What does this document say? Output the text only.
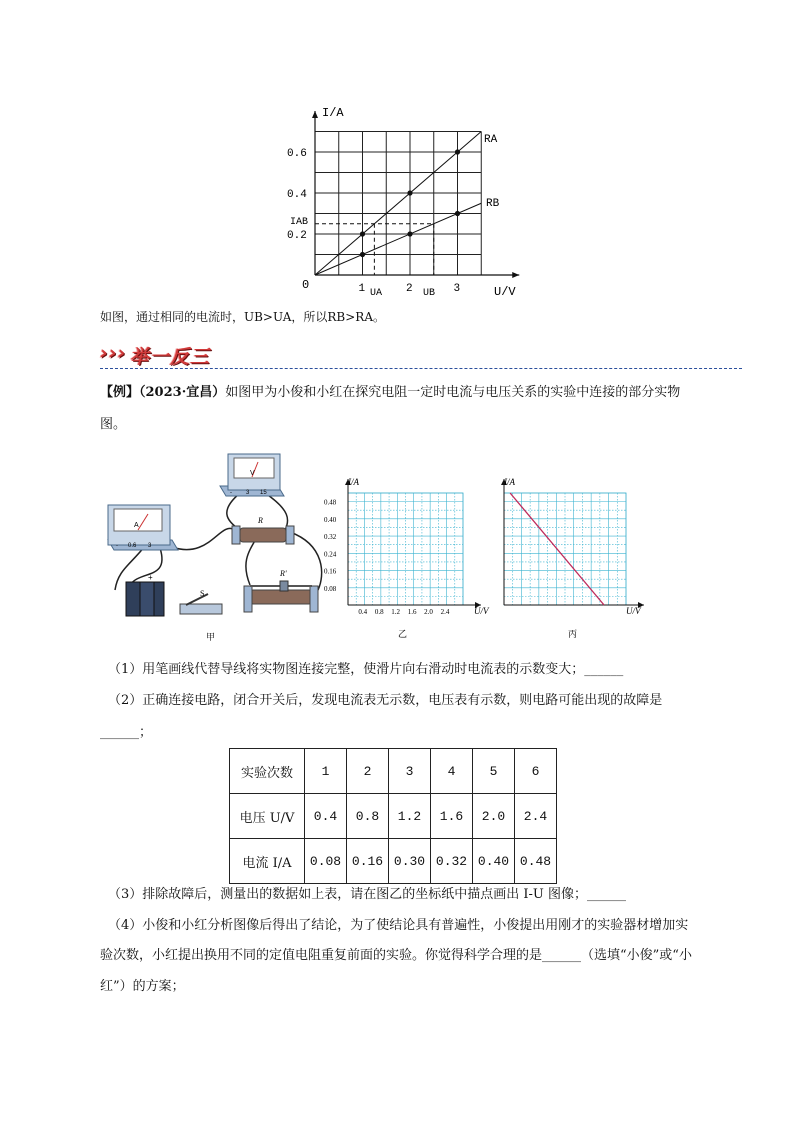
0.2
0.4
0.6
1	2	3
I/A
U/V
0
IAB
UA	UB
RA
RB
如图，通过相同的电流时，UB>UA，所以RB>RA。
››› 举一反三
【例】（2023·宜昌）如图甲为小俊和小红在探究电阻一定时电流与电压关系的实验中连接的部分实物
图。
A
- 0.6 3
V
- 3 15
R
R'
+
S
甲
0.08
0.16
0.24
0.32
0.40
0.48
0.4 0.8 1.2 1.6 2.0 2.4
I/A
U/V
乙
I/A
U/V
丙
（1）用笔画线代替导线将实物图连接完整，使滑片向右滑动时电流表的示数变大；______
（2）正确连接电路，闭合开关后，发现电流表无示数，电压表有示数，则电路可能出现的故障是
______；
实验次数	1	2	3	4	5	6
电压 U/V	0.4	0.8	1.2	1.6	2.0	2.4
电流 I/A	0.08	0.16	0.30	0.32	0.40	0.48
（3）排除故障后，测量出的数据如上表，请在图乙的坐标纸中描点画出 I-U 图像；______
（4）小俊和小红分析图像后得出了结论，为了使结论具有普遍性，小俊提出用刚才的实验器材增加实
验次数，小红提出换用不同的定值电阻重复前面的实验。你觉得科学合理的是______（选填“小俊”或“小
红”）的方案；
